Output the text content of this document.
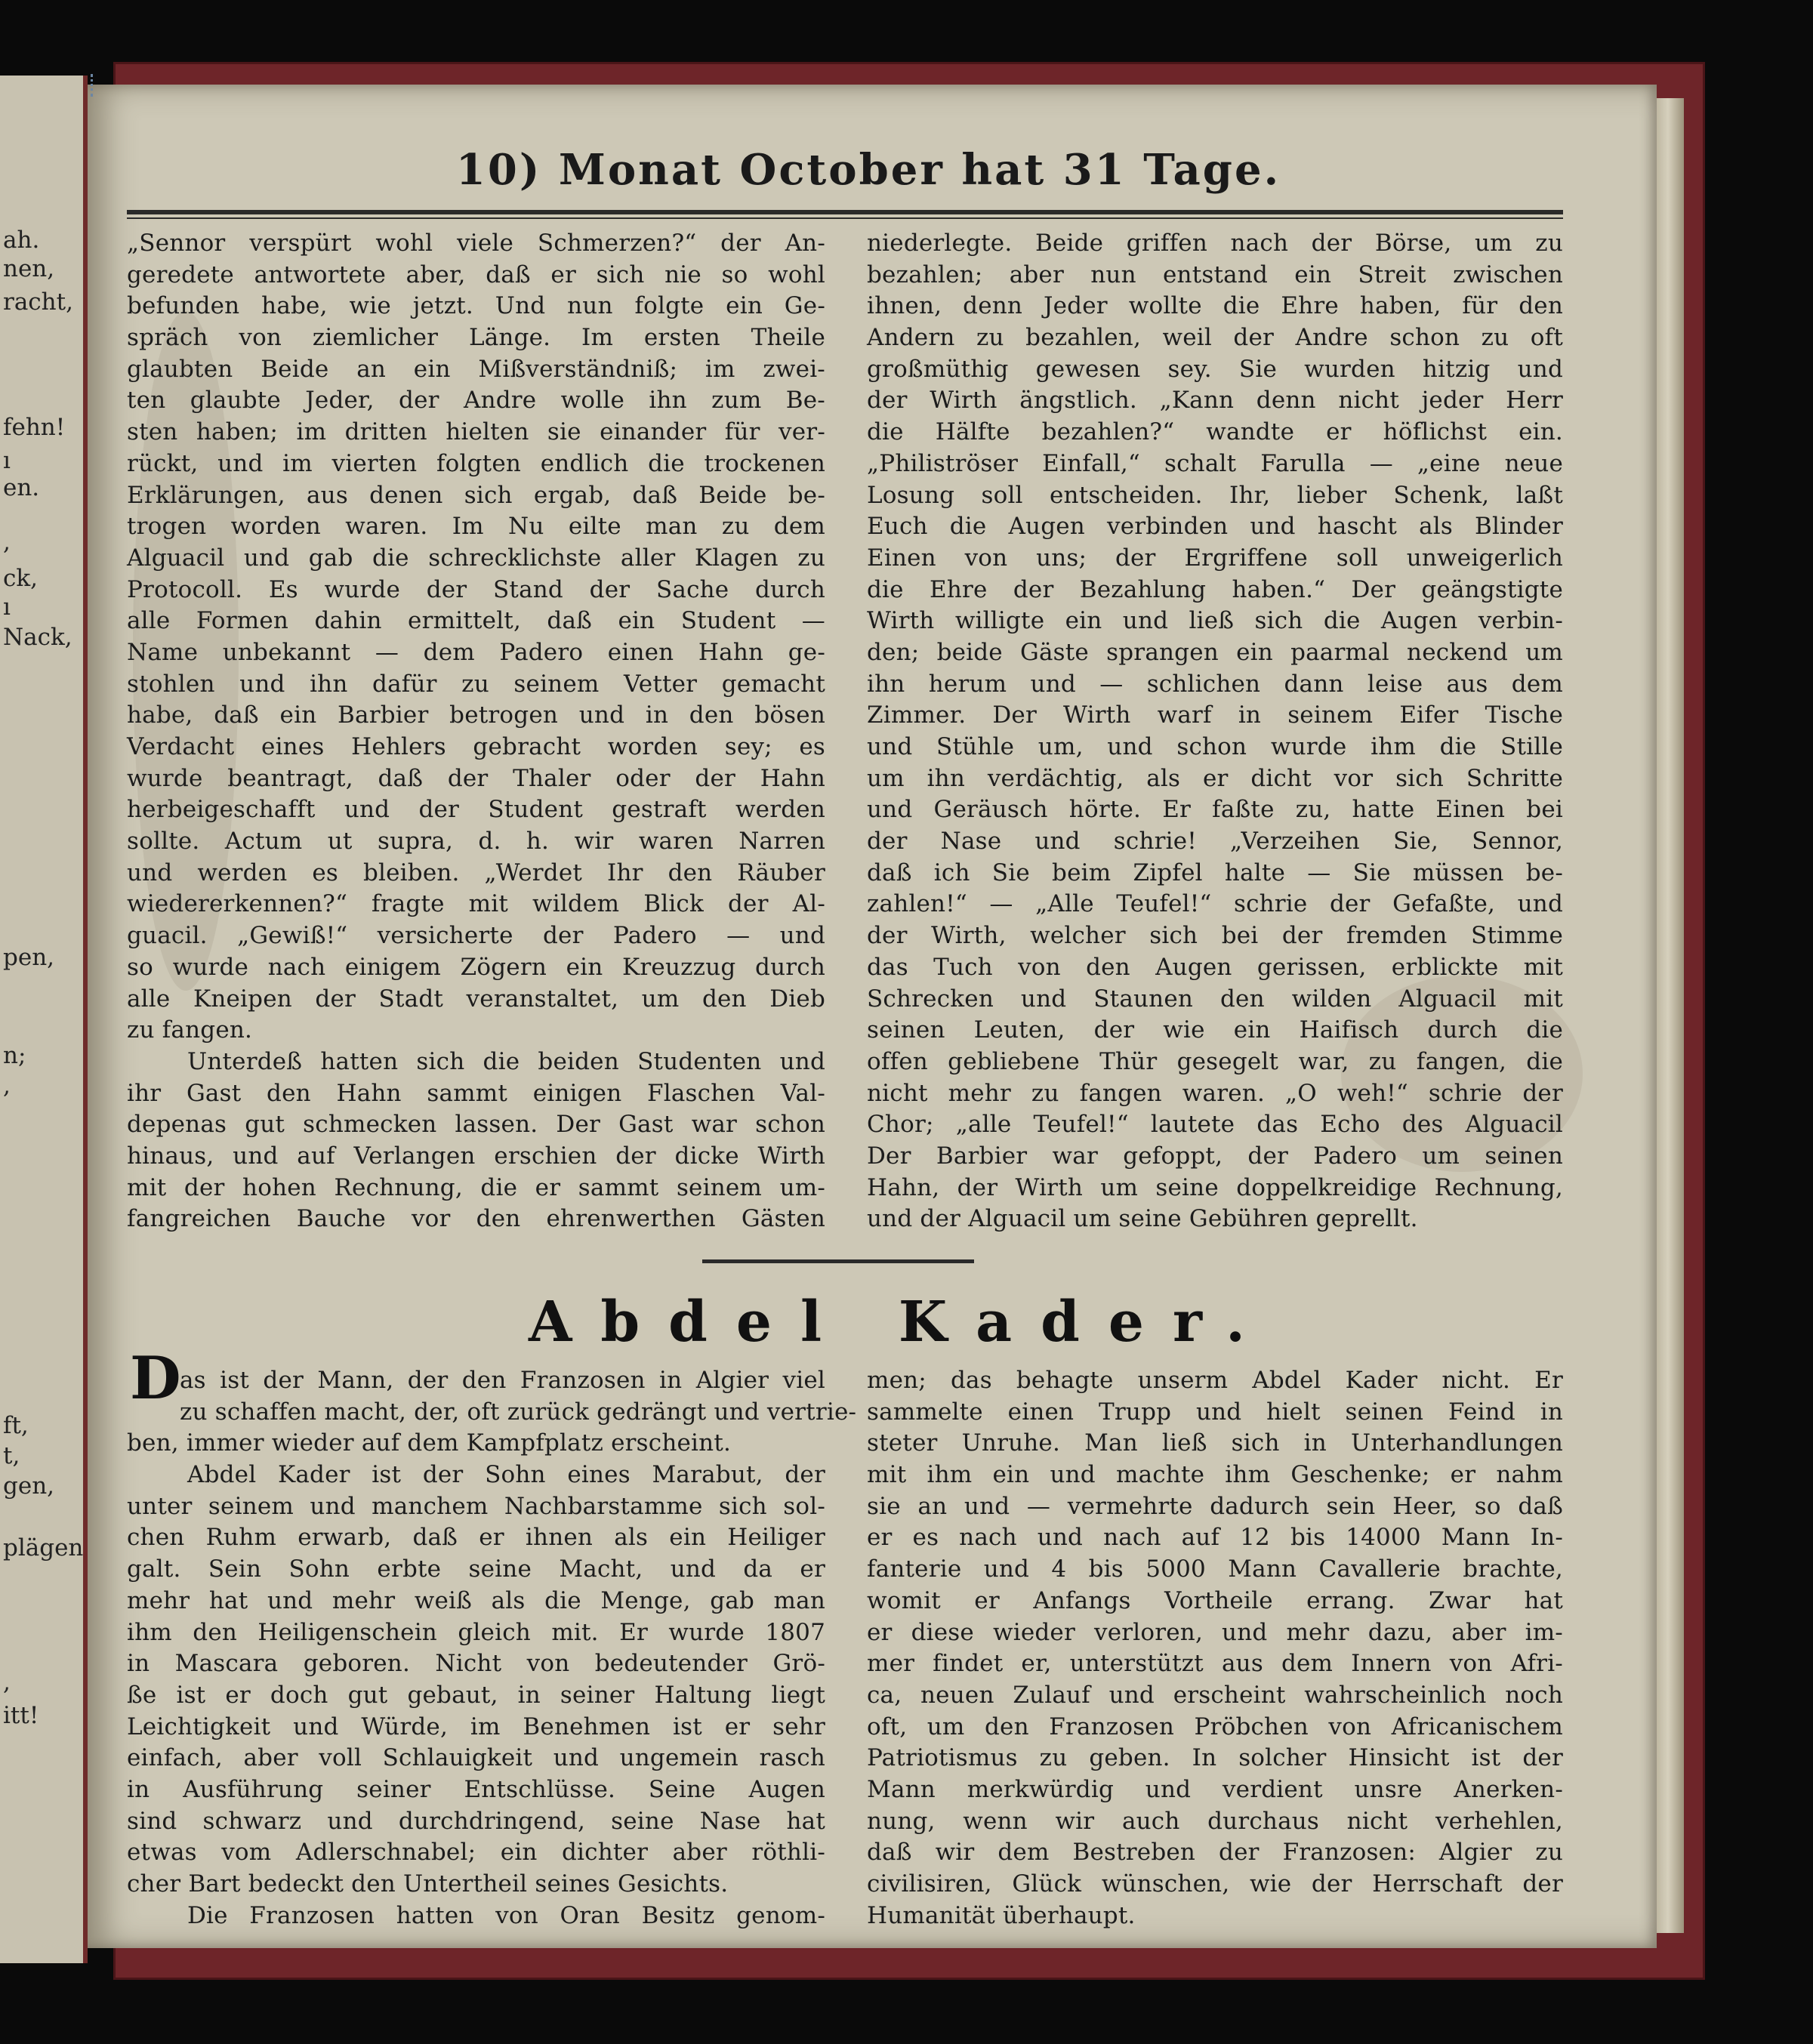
ah.
nen,
racht,
fehn!
ı
en.
,
ck,
ı
Nack,
pen,
n;
,
ft,
t,
gen,
plägen
,
itt!
10) Monat October hat 31 Tage.
„Sennor verspürt wohl viele Schmerzen?“ der An-
geredete antwortete aber, daß er sich nie so wohl
befunden habe, wie jetzt. Und nun folgte ein Ge-
spräch von ziemlicher Länge. Im ersten Theile
glaubten Beide an ein Mißverständniß; im zwei-
ten glaubte Jeder, der Andre wolle ihn zum Be-
sten haben; im dritten hielten sie einander für ver-
rückt, und im vierten folgten endlich die trockenen
Erklärungen, aus denen sich ergab, daß Beide be-
trogen worden waren. Im Nu eilte man zu dem
Alguacil und gab die schrecklichste aller Klagen zu
Protocoll. Es wurde der Stand der Sache durch
alle Formen dahin ermittelt, daß ein Student —
Name unbekannt — dem Padero einen Hahn ge-
stohlen und ihn dafür zu seinem Vetter gemacht
habe, daß ein Barbier betrogen und in den bösen
Verdacht eines Hehlers gebracht worden sey; es
wurde beantragt, daß der Thaler oder der Hahn
herbeigeschafft und der Student gestraft werden
sollte. Actum ut supra, d. h. wir waren Narren
und werden es bleiben. „Werdet Ihr den Räuber
wiedererkennen?“ fragte mit wildem Blick der Al-
guacil. „Gewiß!“ versicherte der Padero — und
so wurde nach einigem Zögern ein Kreuzzug durch
alle Kneipen der Stadt veranstaltet, um den Dieb
zu fangen.
Unterdeß hatten sich die beiden Studenten und
ihr Gast den Hahn sammt einigen Flaschen Val-
depenas gut schmecken lassen. Der Gast war schon
hinaus, und auf Verlangen erschien der dicke Wirth
mit der hohen Rechnung, die er sammt seinem um-
fangreichen Bauche vor den ehrenwerthen Gästen
niederlegte. Beide griffen nach der Börse, um zu
bezahlen; aber nun entstand ein Streit zwischen
ihnen, denn Jeder wollte die Ehre haben, für den
Andern zu bezahlen, weil der Andre schon zu oft
großmüthig gewesen sey. Sie wurden hitzig und
der Wirth ängstlich. „Kann denn nicht jeder Herr
die Hälfte bezahlen?“ wandte er höflichst ein.
„Philiströser Einfall,“ schalt Farulla — „eine neue
Losung soll entscheiden. Ihr, lieber Schenk, laßt
Euch die Augen verbinden und hascht als Blinder
Einen von uns; der Ergriffene soll unweigerlich
die Ehre der Bezahlung haben.“ Der geängstigte
Wirth willigte ein und ließ sich die Augen verbin-
den; beide Gäste sprangen ein paarmal neckend um
ihn herum und — schlichen dann leise aus dem
Zimmer. Der Wirth warf in seinem Eifer Tische
und Stühle um, und schon wurde ihm die Stille
um ihn verdächtig, als er dicht vor sich Schritte
und Geräusch hörte. Er faßte zu, hatte Einen bei
der Nase und schrie! „Verzeihen Sie, Sennor,
daß ich Sie beim Zipfel halte — Sie müssen be-
zahlen!“ — „Alle Teufel!“ schrie der Gefaßte, und
der Wirth, welcher sich bei der fremden Stimme
das Tuch von den Augen gerissen, erblickte mit
Schrecken und Staunen den wilden Alguacil mit
seinen Leuten, der wie ein Haifisch durch die
offen gebliebene Thür gesegelt war, zu fangen, die
nicht mehr zu fangen waren. „O weh!“ schrie der
Chor; „alle Teufel!“ lautete das Echo des Alguacil
Der Barbier war gefoppt, der Padero um seinen
Hahn, der Wirth um seine doppelkreidige Rechnung,
und der Alguacil um seine Gebühren geprellt.
Abdel Kader.
D
as ist der Mann, der den Franzosen in Algier viel
zu schaffen macht, der, oft zurück gedrängt und vertrie-
ben, immer wieder auf dem Kampfplatz erscheint.
Abdel Kader ist der Sohn eines Marabut, der
unter seinem und manchem Nachbarstamme sich sol-
chen Ruhm erwarb, daß er ihnen als ein Heiliger
galt. Sein Sohn erbte seine Macht, und da er
mehr hat und mehr weiß als die Menge, gab man
ihm den Heiligenschein gleich mit. Er wurde 1807
in Mascara geboren. Nicht von bedeutender Grö-
ße ist er doch gut gebaut, in seiner Haltung liegt
Leichtigkeit und Würde, im Benehmen ist er sehr
einfach, aber voll Schlauigkeit und ungemein rasch
in Ausführung seiner Entschlüsse. Seine Augen
sind schwarz und durchdringend, seine Nase hat
etwas vom Adlerschnabel; ein dichter aber röthli-
cher Bart bedeckt den Untertheil seines Gesichts.
Die Franzosen hatten von Oran Besitz genom-
men; das behagte unserm Abdel Kader nicht. Er
sammelte einen Trupp und hielt seinen Feind in
steter Unruhe. Man ließ sich in Unterhandlungen
mit ihm ein und machte ihm Geschenke; er nahm
sie an und — vermehrte dadurch sein Heer, so daß
er es nach und nach auf 12 bis 14000 Mann In-
fanterie und 4 bis 5000 Mann Cavallerie brachte,
womit er Anfangs Vortheile errang. Zwar hat
er diese wieder verloren, und mehr dazu, aber im-
mer findet er, unterstützt aus dem Innern von Afri-
ca, neuen Zulauf und erscheint wahrscheinlich noch
oft, um den Franzosen Pröbchen von Africanischem
Patriotismus zu geben. In solcher Hinsicht ist der
Mann merkwürdig und verdient unsre Anerken-
nung, wenn wir auch durchaus nicht verhehlen,
daß wir dem Bestreben der Franzosen: Algier zu
civilisiren, Glück wünschen, wie der Herrschaft der
Humanität überhaupt.
